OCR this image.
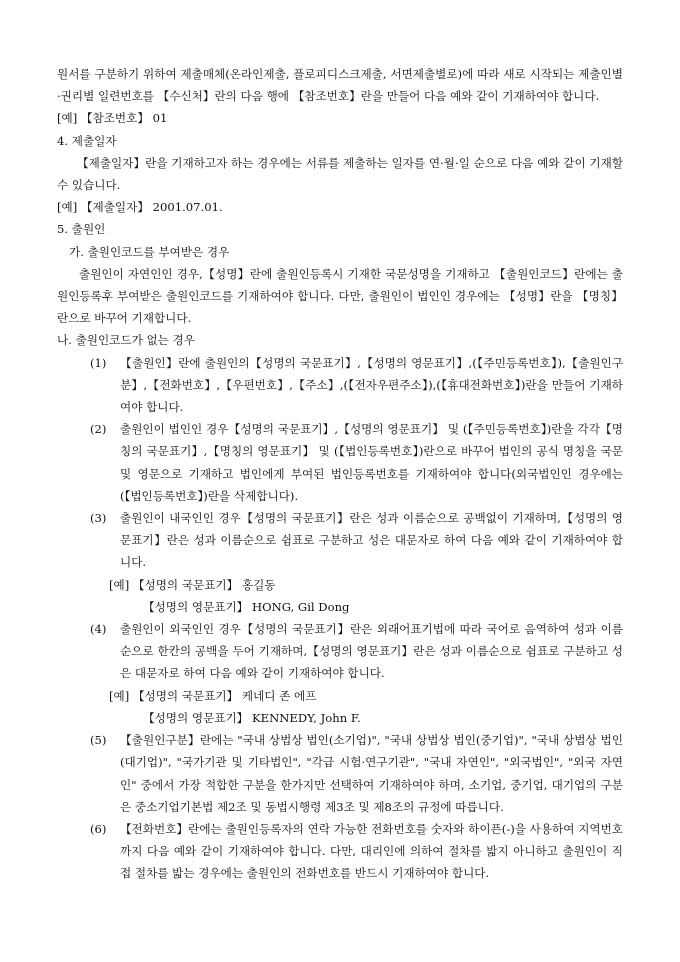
원서를 구분하기 위하여 제출매체(온라인제출, 플로피디스크제출, 서면제출별로)에 따라 새로 시작되는 제출인별·권리별 일련번호를 【수신처】란의 다음 행에 【참조번호】란을 만들어 다음 예와 같이 기재하여야 합니다.

[예] 【참조번호】 01

4. 제출일자

【제출일자】란을 기재하고자 하는 경우에는 서류를 제출하는 일자를 연·월·일 순으로 다음 예와 같이 기재할 수 있습니다.

[예] 【제출일자】 2001.07.01.

5. 출원인

가. 출원인코드를 부여받은 경우

출원인이 자연인인 경우,【성명】란에 출원인등록시 기재한 국문성명을 기재하고 【출원인코드】란에는 출원인등록후 부여받은 출원인코드를 기재하여야 합니다. 다만, 출원인이 법인인 경우에는 【성명】란을 【명칭】란으로 바꾸어 기재합니다.

나. 출원인코드가 없는 경우

(1)	【출원인】란에 출원인의【성명의 국문표기】,【성명의 영문표기】,(【주민등록번호】),【출원인구분】,【전화번호】,【우편번호】,【주소】,(【전자우편주소】),(【휴대전화번호】)란을 만들어 기재하여야 합니다.
(2)	출원인이 법인인 경우【성명의 국문표기】,【성명의 영문표기】 및 (【주민등록번호】)란을 각각【명칭의 국문표기】,【명칭의 영문표기】 및 (【법인등록번호】)란으로 바꾸어 법인의 공식 명칭을 국문 및 영문으로 기재하고 법인에게 부여된 법인등록번호를 기재하여야 합니다(외국법인인 경우에는 (【법인등록번호】)란을 삭제합니다).
(3)	출원인이 내국인인 경우【성명의 국문표기】란은 성과 이름순으로 공백없이 기재하며,【성명의 영문표기】란은 성과 이름순으로 쉼표로 구분하고 성은 대문자로 하여 다음 예와 같이 기재하여야 합니다.

[예] 【성명의 국문표기】 홍길동

【성명의 영문표기】 HONG, Gil Dong

(4)	출원인이 외국인인 경우【성명의 국문표기】란은 외래어표기법에 따라 국어로 음역하여 성과 이름순으로 한칸의 공백을 두어 기재하며,【성명의 영문표기】란은 성과 이름순으로 쉼표로 구분하고 성은 대문자로 하여 다음 예와 같이 기재하여야 합니다.

[예] 【성명의 국문표기】 케네디 존 에프

【성명의 영문표기】 KENNEDY, John F.

(5)	【출원인구분】란에는 "국내 상법상 법인(소기업)", "국내 상법상 법인(중기업)", "국내 상법상 법인(대기업)", "국가기관 및 기타법인", "각급 시험·연구기관", "국내 자연인", "외국법인", "외국 자연인" 중에서 가장 적합한 구분을 한가지만 선택하여 기재하여야 하며, 소기업, 중기업, 대기업의 구분은 중소기업기본법 제2조 및 동법시행령 제3조 및 제8조의 규정에 따릅니다.
(6)	【전화번호】란에는 출원인등록자의 연락 가능한 전화번호를 숫자와 하이픈(-)을 사용하여 지역번호까지 다음 예와 같이 기재하여야 합니다. 다만, 대리인에 의하여 절차를 밟지 아니하고 출원인이 직접 절차를 밟는 경우에는 출원인의 전화번호를 반드시 기재하여야 합니다.
